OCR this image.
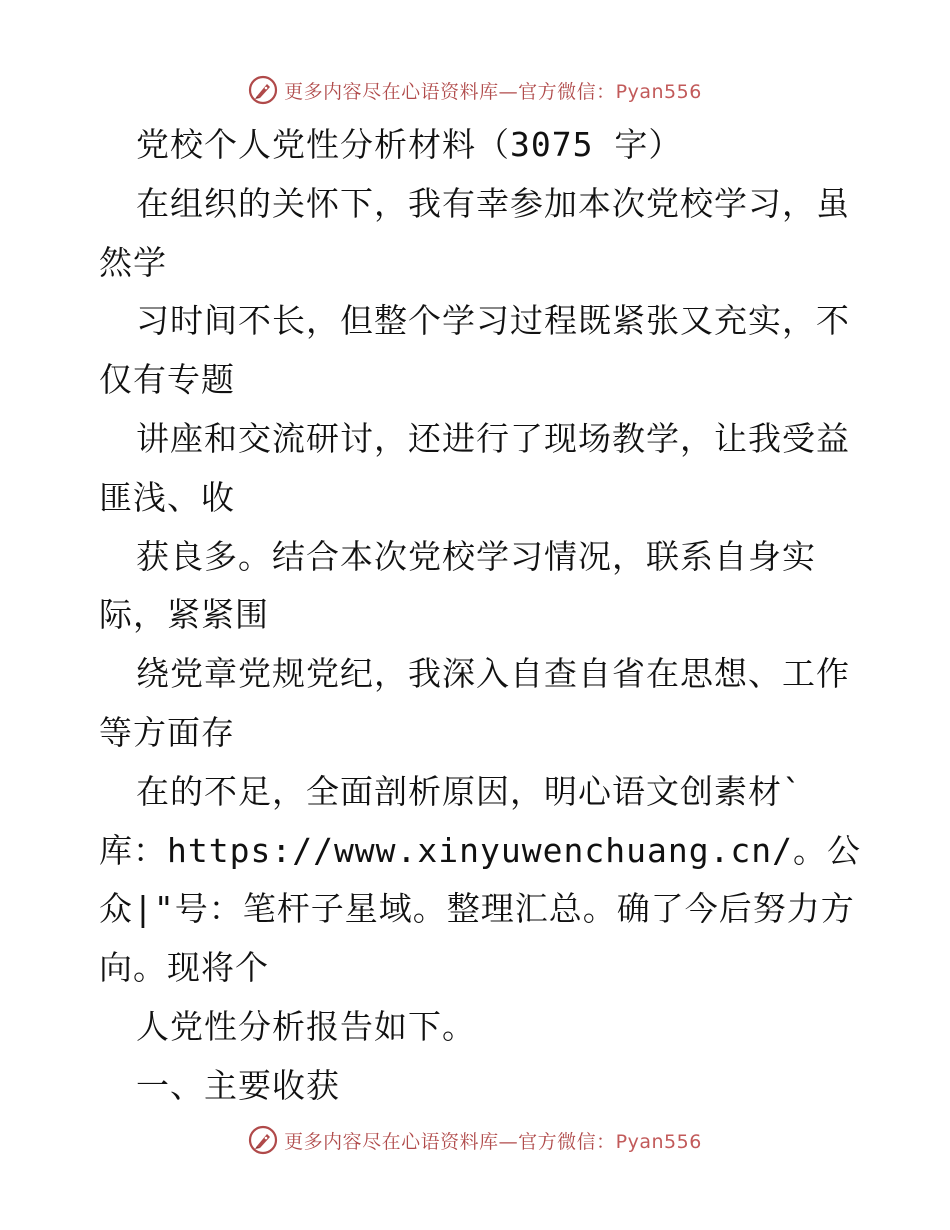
更多内容尽在心语资料库—官方微信：Pyan556
党校个人党性分析材料（3075 字）
在组织的关怀下，我有幸参加本次党校学习，虽
然学
习时间不长，但整个学习过程既紧张又充实，不
仅有专题
讲座和交流研讨，还进行了现场教学，让我受益
匪浅、收
获良多。结合本次党校学习情况，联系自身实
际，紧紧围
绕党章党规党纪，我深入自查自省在思想、工作
等方面存
在的不足，全面剖析原因，明心语文创素材`
库：https://www.xinyuwenchuang.cn/。公
众|"号：笔杆子星域。整理汇总。确了今后努力方
向。现将个
人党性分析报告如下。
一、主要收获
更多内容尽在心语资料库—官方微信：Pyan556
